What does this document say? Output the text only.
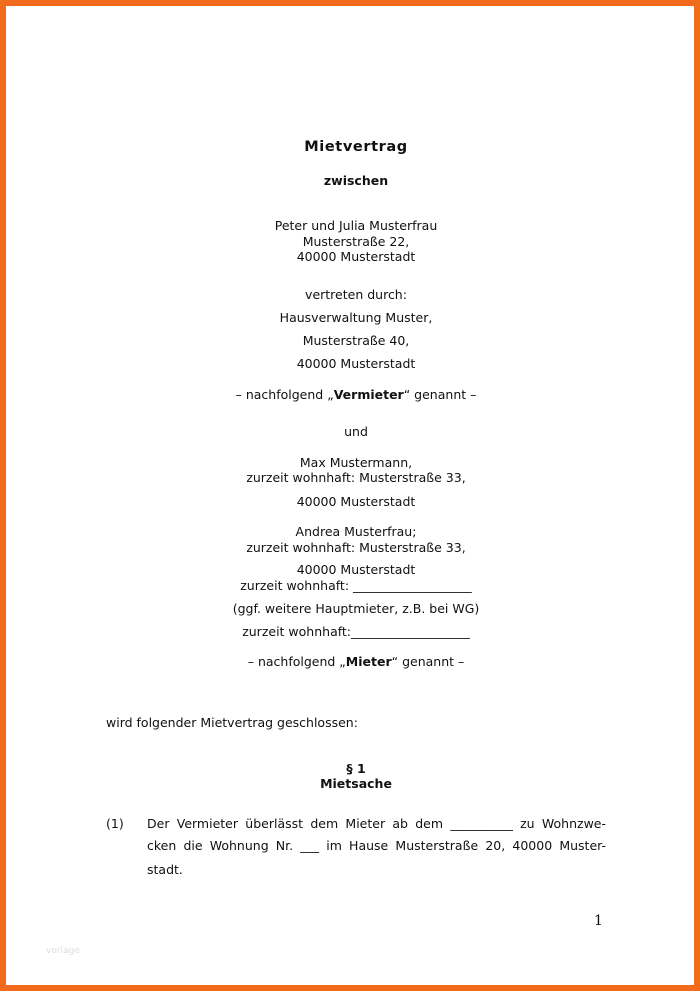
Mietvertrag
zwischen
Peter und Julia Musterfrau
Musterstraße 22,
40000 Musterstadt
vertreten durch:
Hausverwaltung Muster,
Musterstraße 40,
40000 Musterstadt
– nachfolgend „Vermieter“ genannt –
und
Max Mustermann,
zurzeit wohnhaft: Musterstraße 33,
40000 Musterstadt
Andrea Musterfrau;
zurzeit wohnhaft: Musterstraße 33,
40000 Musterstadt
zurzeit wohnhaft: ___________________
(ggf. weitere Hauptmieter, z.B. bei WG)
zurzeit wohnhaft:___________________
– nachfolgend „Mieter“ genannt –
wird folgender Mietvertrag geschlossen:
§ 1
Mietsache
(1) Der Vermieter überlässt dem Mieter ab dem __________ zu Wohnzwe-
cken die Wohnung Nr. ___ im Hause Musterstraße 20, 40000 Muster-
stadt.
1
vorlage
